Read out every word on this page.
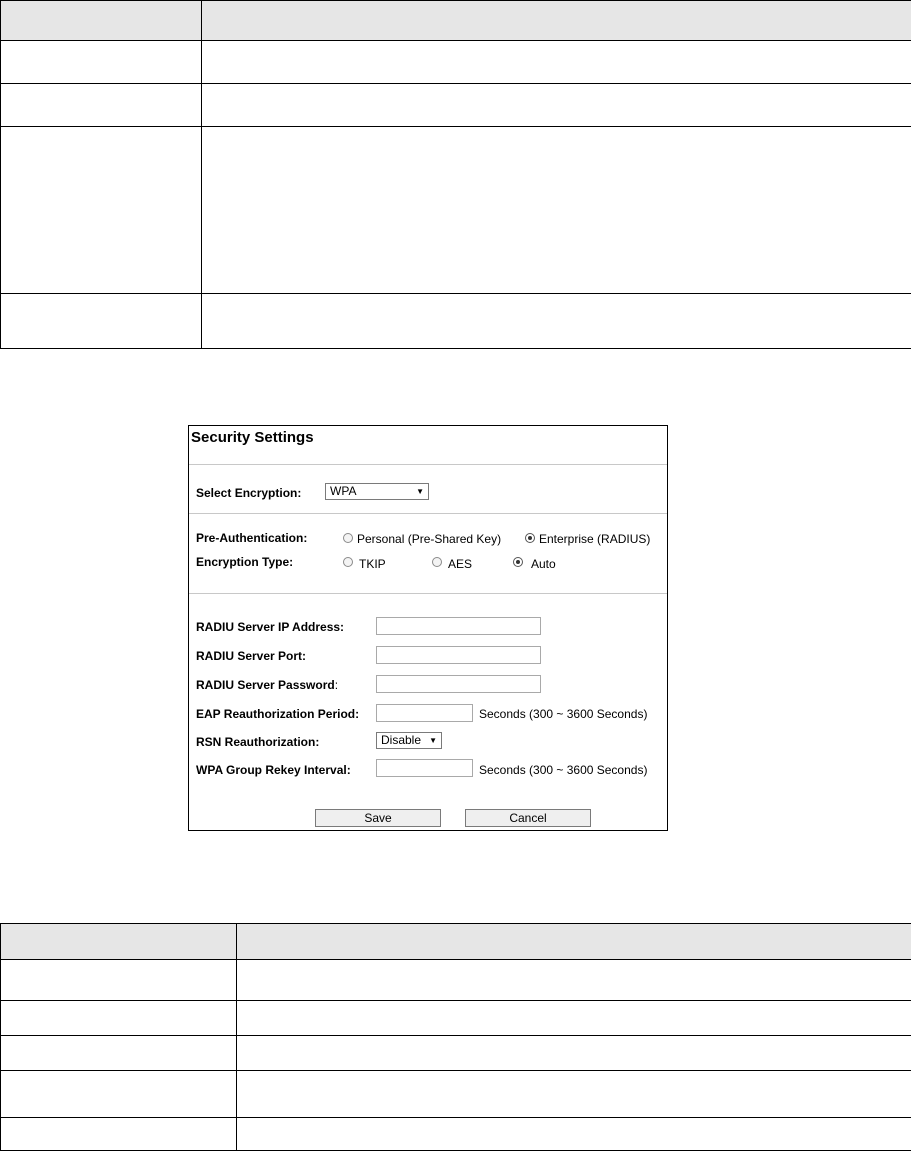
Security Settings
Select Encryption:	WPA	▼
Pre-Authentication:	Personal (Pre-Shared Key)	Enterprise (RADIUS)
Encryption Type:	TKIP	AES	Auto
RADIU Server IP Address:
RADIU Server Port:
RADIU Server Password:
EAP Reauthorization Period:	Seconds (300 ~ 3600 Seconds)
RSN Reauthorization:	Disable ▼
WPA Group Rekey Interval:	Seconds (300 ~ 3600 Seconds)
Save	Cancel
